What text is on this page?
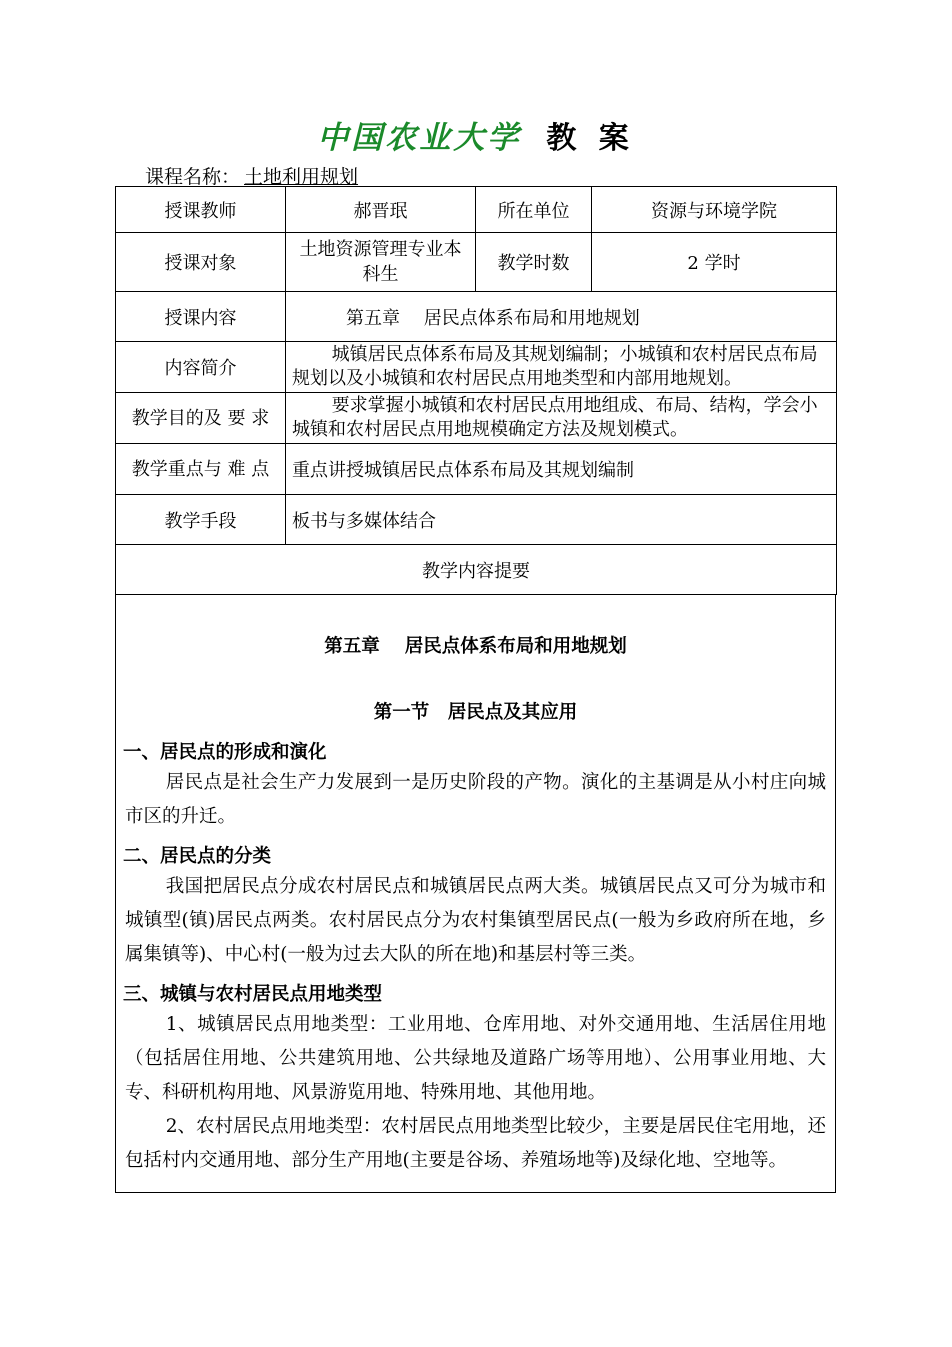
中国农业大学 教 案
课程名称： 土地利用规划
授课教师	郝晋珉	所在单位	资源与环境学院
授课对象	土地资源管理专业本科生	教学时数	2 学时
授课内容	第五章　 居民点体系布局和用地规划		
内容简介	城镇居民点体系布局及其规划编制；小城镇和农村居民点布局规划以及小城镇和农村居民点用地类型和内部用地规划。		
教学目的及 要 求	要求掌握小城镇和农村居民点用地组成、布局、结构，学会小城镇和农村居民点用地规模确定方法及规划模式。		
教学重点与 难 点	重点讲授城镇居民点体系布局及其规划编制		
教学手段	板书与多媒体结合		
教学内容提要			
第五章　 居民点体系布局和用地规划
第一节　居民点及其应用
一、居民点的形成和演化

居民点是社会生产力发展到一是历史阶段的产物。演化的主基调是从小村庄向城市区的升迁。

二、居民点的分类

我国把居民点分成农村居民点和城镇居民点两大类。城镇居民点又可分为城市和城镇型(镇)居民点两类。农村居民点分为农村集镇型居民点(一般为乡政府所在地，乡属集镇等)、中心村(一般为过去大队的所在地)和基层村等三类。

三、城镇与农村居民点用地类型

1、城镇居民点用地类型：工业用地、仓库用地、对外交通用地、生活居住用地（包括居住用地、公共建筑用地、公共绿地及道路广场等用地）、公用事业用地、大专、科研机构用地、风景游览用地、特殊用地、其他用地。

2、农村居民点用地类型：农村居民点用地类型比较少，主要是居民住宅用地，还包括村内交通用地、部分生产用地(主要是谷场、养殖场地等)及绿化地、空地等。
